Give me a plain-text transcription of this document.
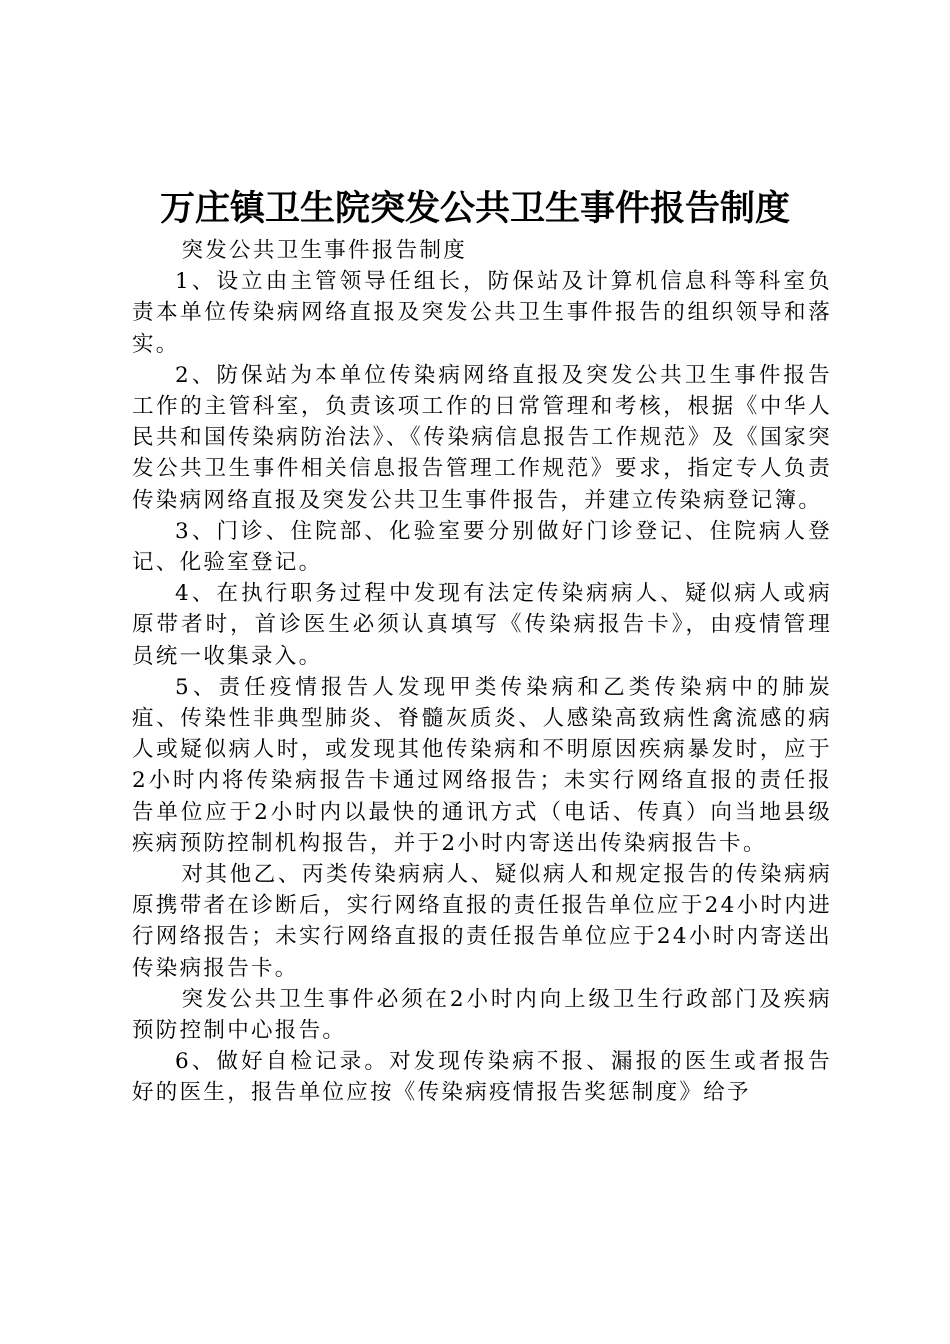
万庄镇卫生院突发公共卫生事件报告制度

突发公共卫生事件报告制度

1、设立由主管领导任组长，防保站及计算机信息科等科室负责本单位传染病网络直报及突发公共卫生事件报告的组织领导和落实。

2、防保站为本单位传染病网络直报及突发公共卫生事件报告工作的主管科室，负责该项工作的日常管理和考核，根据《中华人民共和国传染病防治法》、《传染病信息报告工作规范》及《国家突发公共卫生事件相关信息报告管理工作规范》要求，指定专人负责传染病网络直报及突发公共卫生事件报告，并建立传染病登记簿。

3、门诊、住院部、化验室要分别做好门诊登记、住院病人登记、化验室登记。

4、在执行职务过程中发现有法定传染病病人、疑似病人或病原带者时，首诊医生必须认真填写《传染病报告卡》，由疫情管理员统一收集录入。

5、责任疫情报告人发现甲类传染病和乙类传染病中的肺炭疽、传染性非典型肺炎、脊髓灰质炎、人感染高致病性禽流感的病人或疑似病人时，或发现其他传染病和不明原因疾病暴发时，应于2小时内将传染病报告卡通过网络报告；未实行网络直报的责任报告单位应于2小时内以最快的通讯方式（电话、传真）向当地县级疾病预防控制机构报告，并于2小时内寄送出传染病报告卡。

对其他乙、丙类传染病病人、疑似病人和规定报告的传染病病原携带者在诊断后，实行网络直报的责任报告单位应于24小时内进行网络报告；未实行网络直报的责任报告单位应于24小时内寄送出传染病报告卡。

突发公共卫生事件必须在2小时内向上级卫生行政部门及疾病预防控制中心报告。

6、做好自检记录。对发现传染病不报、漏报的医生或者报告好的医生，报告单位应按《传染病疫情报告奖惩制度》给予
